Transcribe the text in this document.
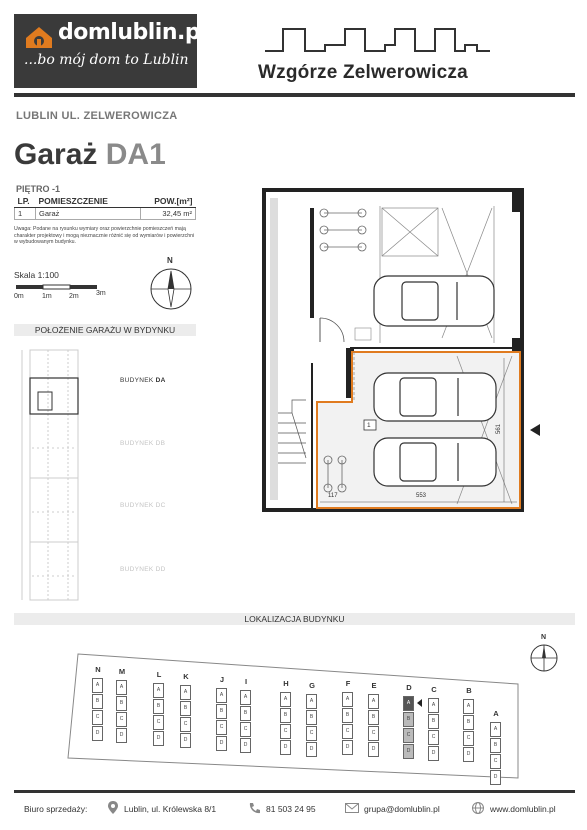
domlublin.pl
...bo mój dom to Lublin
Wzgórze Zelwerowicza
LUBLIN UL. ZELWEROWICZA
Garaż DA1
PIĘTRO -1
LP.	POMIESZCZENIE	POW.[m²]
1	Garaż	32,45 m²
Uwaga: Podane na rysunku wymiary oraz powierzchnie pomieszczeń mają charakter projektowy i mogą nieznacznie różnić się od wymiarów i powierzchni w wybudowanym budynku.
Skala 1:100
0m	1m 2m 3m
N
1
553
117
561
POŁOŻENIE GARAŻU W BYDYNKU
BUDYNEK DA
BUDYNEK DB
BUDYNEK DC
BUDYNEK DD
LOKALIZACJA BUDYNKU
N
N
A
B
C
D
M
A
B
C
D
L
A
B
C
D
K
A
B
C
D
J
A
B
C
D
I
A
B
C
D
H
A
B
C
D
G
A
B
C
D
F
A
B
C
D
E
A
B
C
D
D
A
B
C
D
C
A
B
C
D
B
A
B
C
D
A
A
B
C
D
Biuro sprzedaży:	Lublin, ul. Królewska 8/1	81 503 24 95	grupa@domlublin.pl	www.domlublin.pl
